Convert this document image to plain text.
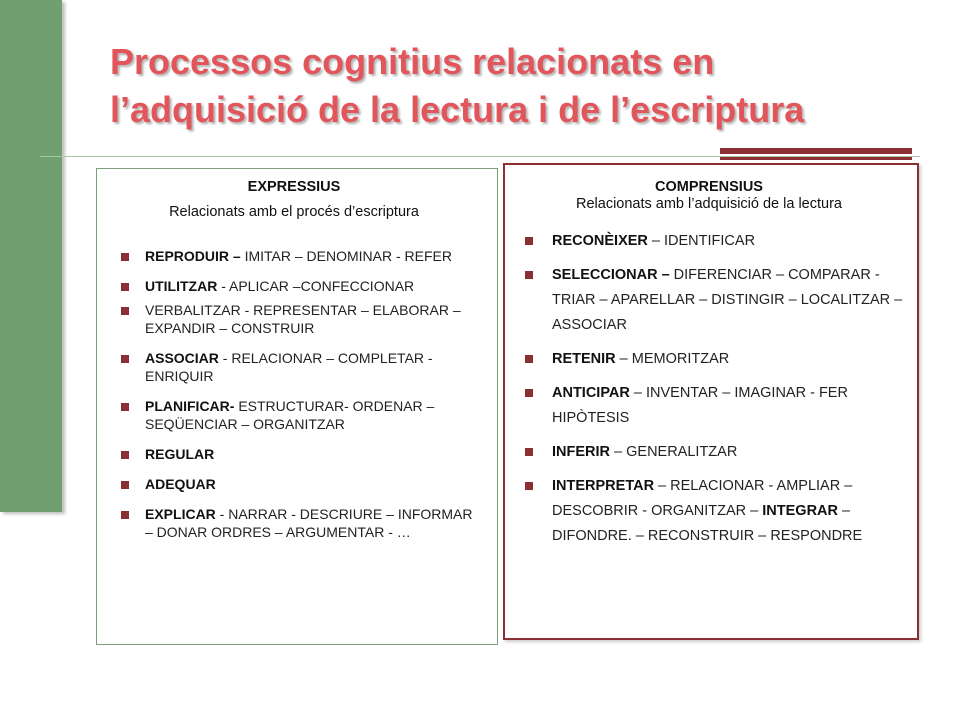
Processos cognitius relacionats en
l’adquisició de la lectura i de l’escriptura
EXPRESSIUS
Relacionats amb el procés d’escriptura
REPRODUIR – IMITAR – DENOMINAR - REFER
UTILITZAR - APLICAR –CONFECCIONAR
VERBALITZAR - REPRESENTAR – ELABORAR – EXPANDIR – CONSTRUIR
ASSOCIAR - RELACIONAR – COMPLETAR - ENRIQUIR
PLANIFICAR- ESTRUCTURAR- ORDENAR – SEQÜENCIAR – ORGANITZAR
REGULAR
ADEQUAR
EXPLICAR - NARRAR - DESCRIURE – INFORMAR – DONAR ORDRES – ARGUMENTAR - …
COMPRENSIUS
Relacionats amb l’adquisició de la lectura
RECONÈIXER – IDENTIFICAR
SELECCIONAR – DIFERENCIAR – COMPARAR - TRIAR – APARELLAR – DISTINGIR – LOCALITZAR – ASSOCIAR
RETENIR – MEMORITZAR
ANTICIPAR – INVENTAR – IMAGINAR - FER HIPÒTESIS
INFERIR – GENERALITZAR
INTERPRETAR – RELACIONAR - AMPLIAR – DESCOBRIR - ORGANITZAR – INTEGRAR – DIFONDRE. – RECONSTRUIR – RESPONDRE
